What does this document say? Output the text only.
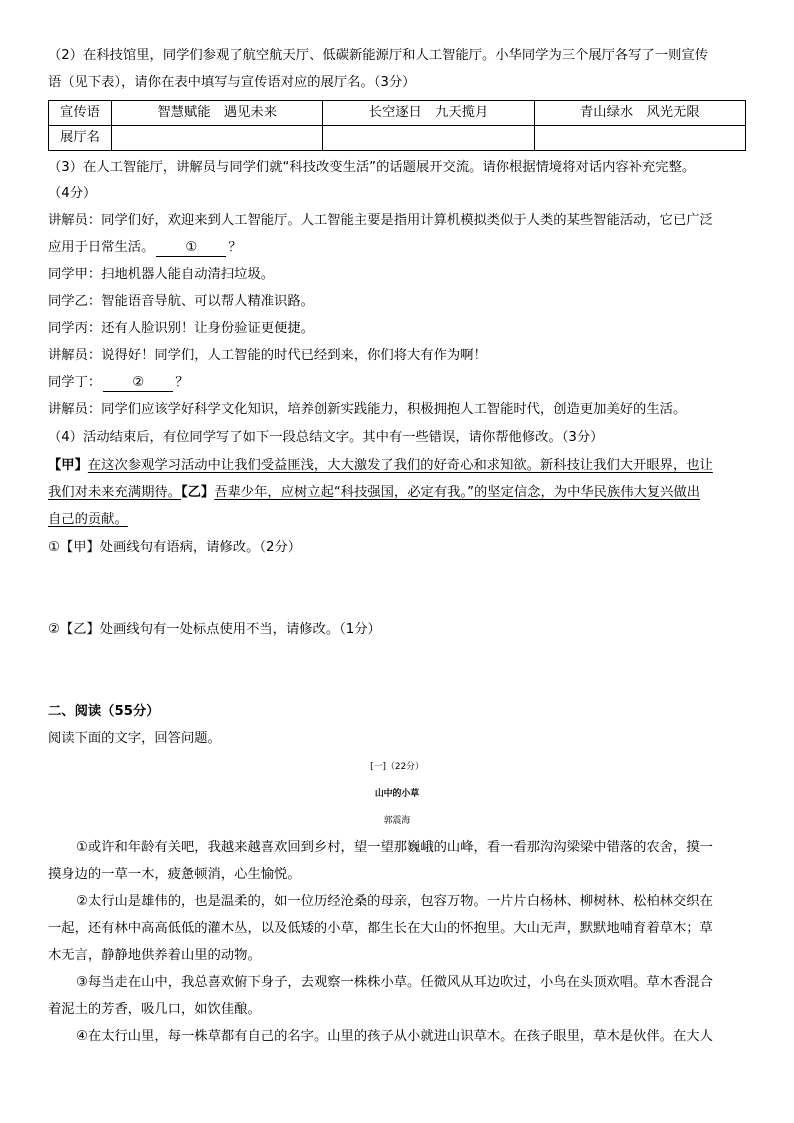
（2）在科技馆里，同学们参观了航空航天厅、低碳新能源厅和人工智能厅。小华同学为三个展厅各写了一则宣传
语（见下表），请你在表中填写与宣传语对应的展厅名。（3分）
宣传语	智慧赋能　遇见未来	长空逐日　九天揽月	青山绿水　风光无限
展厅名	

（3）在人工智能厅，讲解员与同学们就“科技改变生活”的话题展开交流。请你根据情境将对话内容补充完整。
（4分）
讲解员：同学们好，欢迎来到人工智能厅。人工智能主要是指用计算机模拟类似于人类的某些智能活动，它已广泛
应用于日常生活。 ① ？
同学甲：扫地机器人能自动清扫垃圾。
同学乙：智能语音导航、可以帮人精准识路。
同学丙：还有人脸识别！让身份验证更便捷。
讲解员：说得好！同学们，人工智能的时代已经到来，你们将大有作为啊！
同学丁： ② ？
讲解员：同学们应该学好科学文化知识，培养创新实践能力，积极拥抱人工智能时代，创造更加美好的生活。
（4）活动结束后，有位同学写了如下一段总结文字。其中有一些错误，请你帮他修改。（3分）
【甲】在这次参观学习活动中让我们受益匪浅，大大激发了我们的好奇心和求知欲。新科技让我们大开眼界，也让
我们对未来充满期待。【乙】吾辈少年，应树立起“科技强国，必定有我。”的坚定信念，为中华民族伟大复兴做出
自己的贡献。
①【甲】处画线句有语病，请修改。（2分）
②【乙】处画线句有一处标点使用不当，请修改。（1分）
二、阅读（55分）
阅读下面的文字，回答问题。
[一]（22分）
山中的小草
郭震海
①或许和年龄有关吧，我越来越喜欢回到乡村，望一望那巍峨的山峰，看一看那沟沟梁梁中错落的农舍，摸一
摸身边的一草一木，疲惫顿消，心生愉悦。
②太行山是雄伟的，也是温柔的，如一位历经沧桑的母亲，包容万物。一片片白杨林、柳树林、松柏林交织在
一起，还有林中高高低低的灌木丛，以及低矮的小草，都生长在大山的怀抱里。大山无声，默默地哺育着草木；草
木无言，静静地供养着山里的动物。
③每当走在山中，我总喜欢俯下身子，去观察一株株小草。任微风从耳边吹过，小鸟在头顶欢唱。草木香混合
着泥土的芳香，吸几口，如饮佳酿。
④在太行山里，每一株草都有自己的名字。山里的孩子从小就进山识草木。在孩子眼里，草木是伙伴。在大人
